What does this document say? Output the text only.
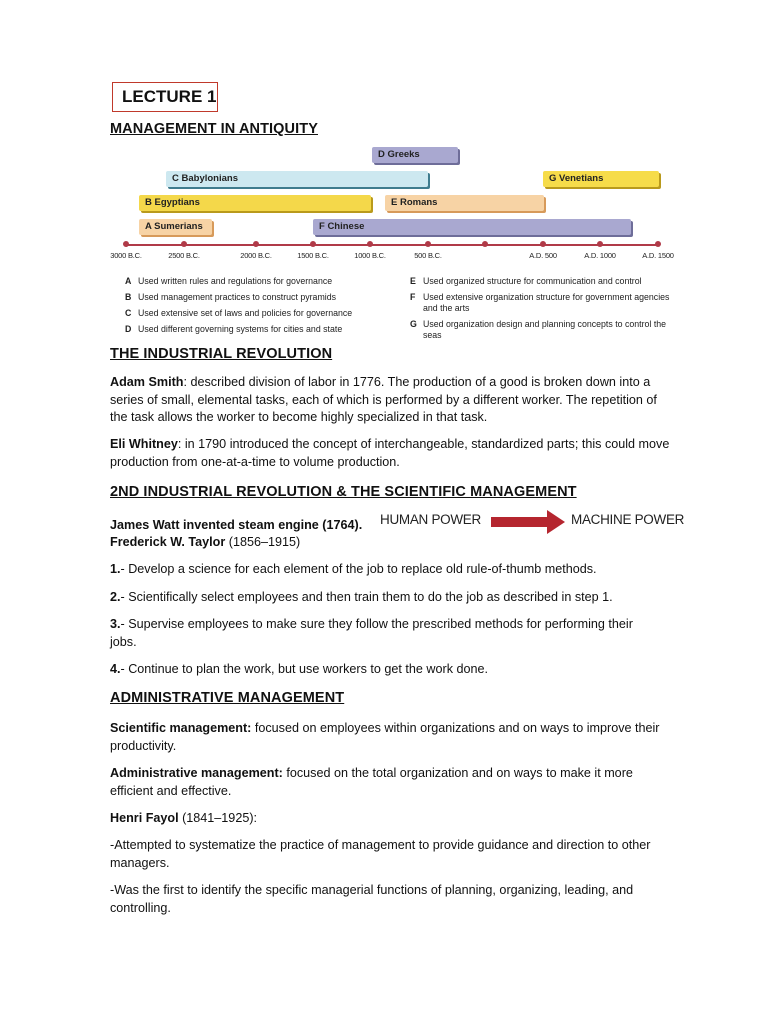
LECTURE 1
MANAGEMENT IN ANTIQUITY
D Greeks
C Babylonians	G Venetians
B Egyptians	E Romans
A Sumerians	F Chinese
3000 B.C.	2500 B.C.	2000 B.C.	1500 B.C.	1000 B.C.	500 B.C.	A.D. 500	A.D. 1000	A.D. 1500
A Used written rules and regulations for governance
B Used management practices to construct pyramids
C Used extensive set of laws and policies for governance
D Used different governing systems for cities and state
E Used organized structure for communication and control
F Used extensive organization structure for government agencies and the arts
G Used organization design and planning concepts to control the seas
THE INDUSTRIAL REVOLUTION
Adam Smith: described division of labor in 1776. The production of a good is broken down into a series of small, elemental tasks, each of which is performed by a different worker. The repetition of the task allows the worker to become highly specialized in that task.
Eli Whitney: in 1790 introduced the concept of interchangeable, standardized parts; this could move production from one-at-a-time to volume production.
2ND INDUSTRIAL REVOLUTION & THE SCIENTIFIC MANAGEMENT
James Watt invented steam engine (1764).
Frederick W. Taylor (1856–1915)
HUMAN POWER	MACHINE POWER
1.- Develop a science for each element of the job to replace old rule-of-thumb methods.
2.- Scientifically select employees and then train them to do the job as described in step 1.
3.- Supervise employees to make sure they follow the prescribed methods for performing their jobs.
4.- Continue to plan the work, but use workers to get the work done.
ADMINISTRATIVE MANAGEMENT
Scientific management: focused on employees within organizations and on ways to improve their productivity.
Administrative management: focused on the total organization and on ways to make it more efficient and effective.
Henri Fayol (1841–1925):
-Attempted to systematize the practice of management to provide guidance and direction to other managers.
-Was the first to identify the specific managerial functions of planning, organizing, leading, and controlling.
